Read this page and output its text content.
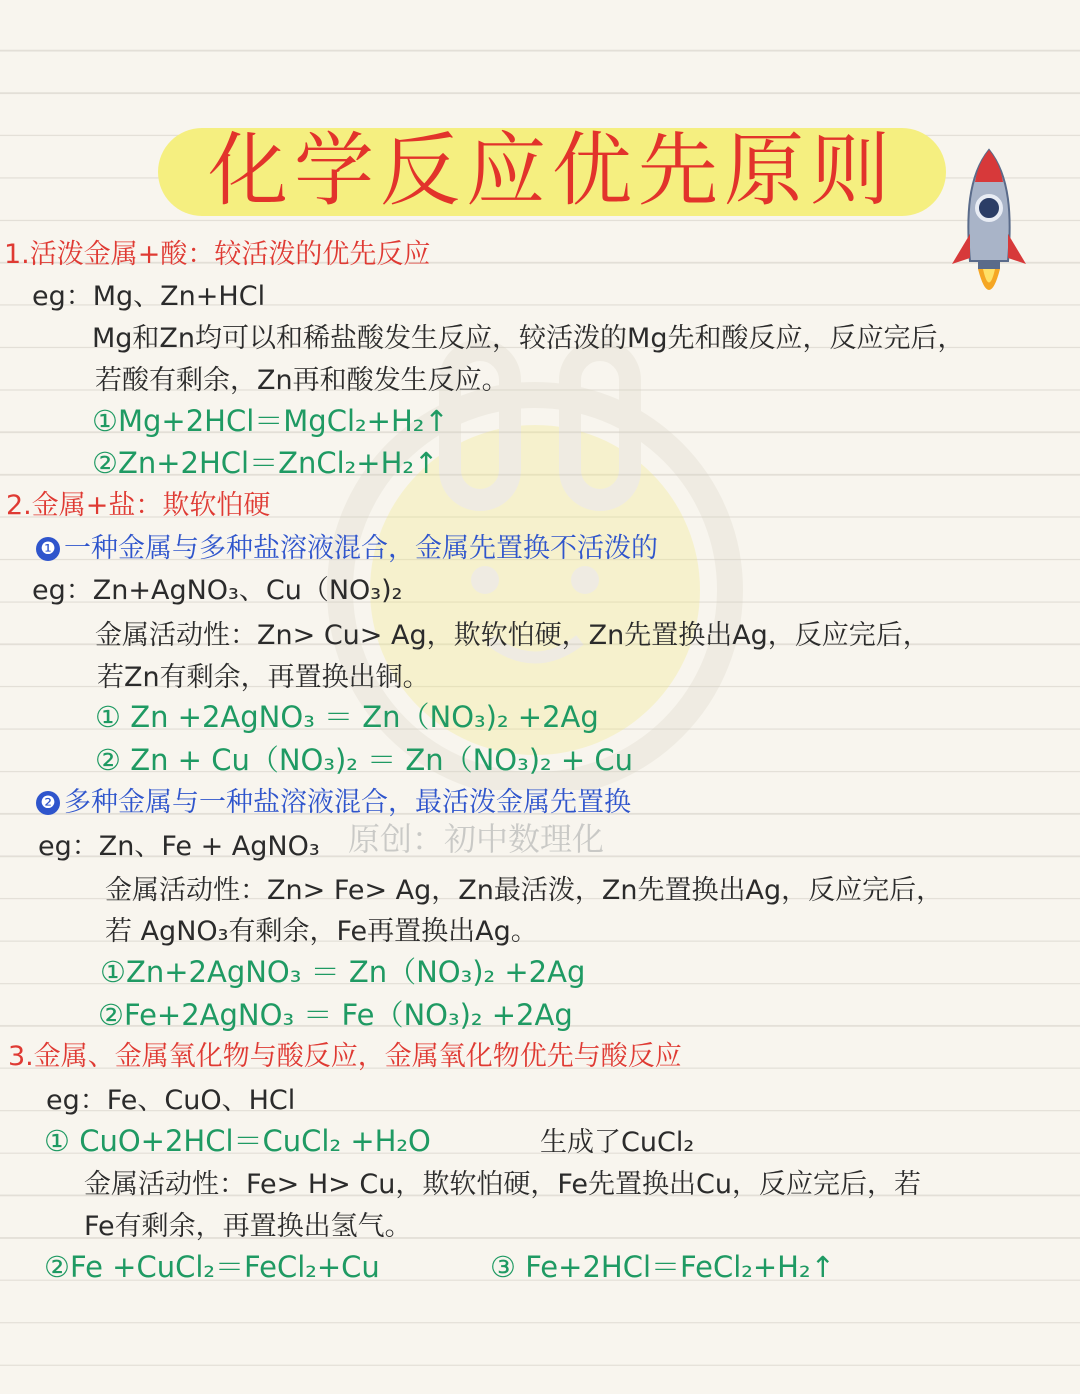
化学反应优先原则
1.活泼金属+酸：较活泼的优先反应
eg：Mg、Zn+HCl
Mg和Zn均可以和稀盐酸发生反应，较活泼的Mg先和酸反应，反应完后，
若酸有剩余，Zn再和酸发生反应。
①Mg+2HCl＝MgCl₂+H₂↑
②Zn+2HCl＝ZnCl₂+H₂↑
2.金属+盐：欺软怕硬
❶ 一种金属与多种盐溶液混合，金属先置换不活泼的
eg：Zn+AgNO₃、Cu（NO₃)₂
金属活动性：Zn> Cu> Ag，欺软怕硬，Zn先置换出Ag，反应完后，
若Zn有剩余，再置换出铜。
① Zn +2AgNO₃ ＝ Zn（NO₃)₂ +2Ag
② Zn + Cu（NO₃)₂ ＝ Zn（NO₃)₂ + Cu
❷ 多种金属与一种盐溶液混合，最活泼金属先置换
eg：Zn、Fe + AgNO₃ 原创：初中数理化
金属活动性：Zn> Fe> Ag，Zn最活泼，Zn先置换出Ag，反应完后，
若 AgNO₃有剩余，Fe再置换出Ag。
①Zn+2AgNO₃ ＝ Zn（NO₃)₂ +2Ag
②Fe+2AgNO₃ ＝ Fe（NO₃)₂ +2Ag
3.金属、金属氧化物与酸反应，金属氧化物优先与酸反应
eg：Fe、CuO、HCl
① CuO+2HCl＝CuCl₂ +H₂O	生成了CuCl₂
金属活动性：Fe> H> Cu，欺软怕硬，Fe先置换出Cu，反应完后，若
Fe有剩余，再置换出氢气。
②Fe +CuCl₂＝FeCl₂+Cu	③ Fe+2HCl＝FeCl₂+H₂↑
